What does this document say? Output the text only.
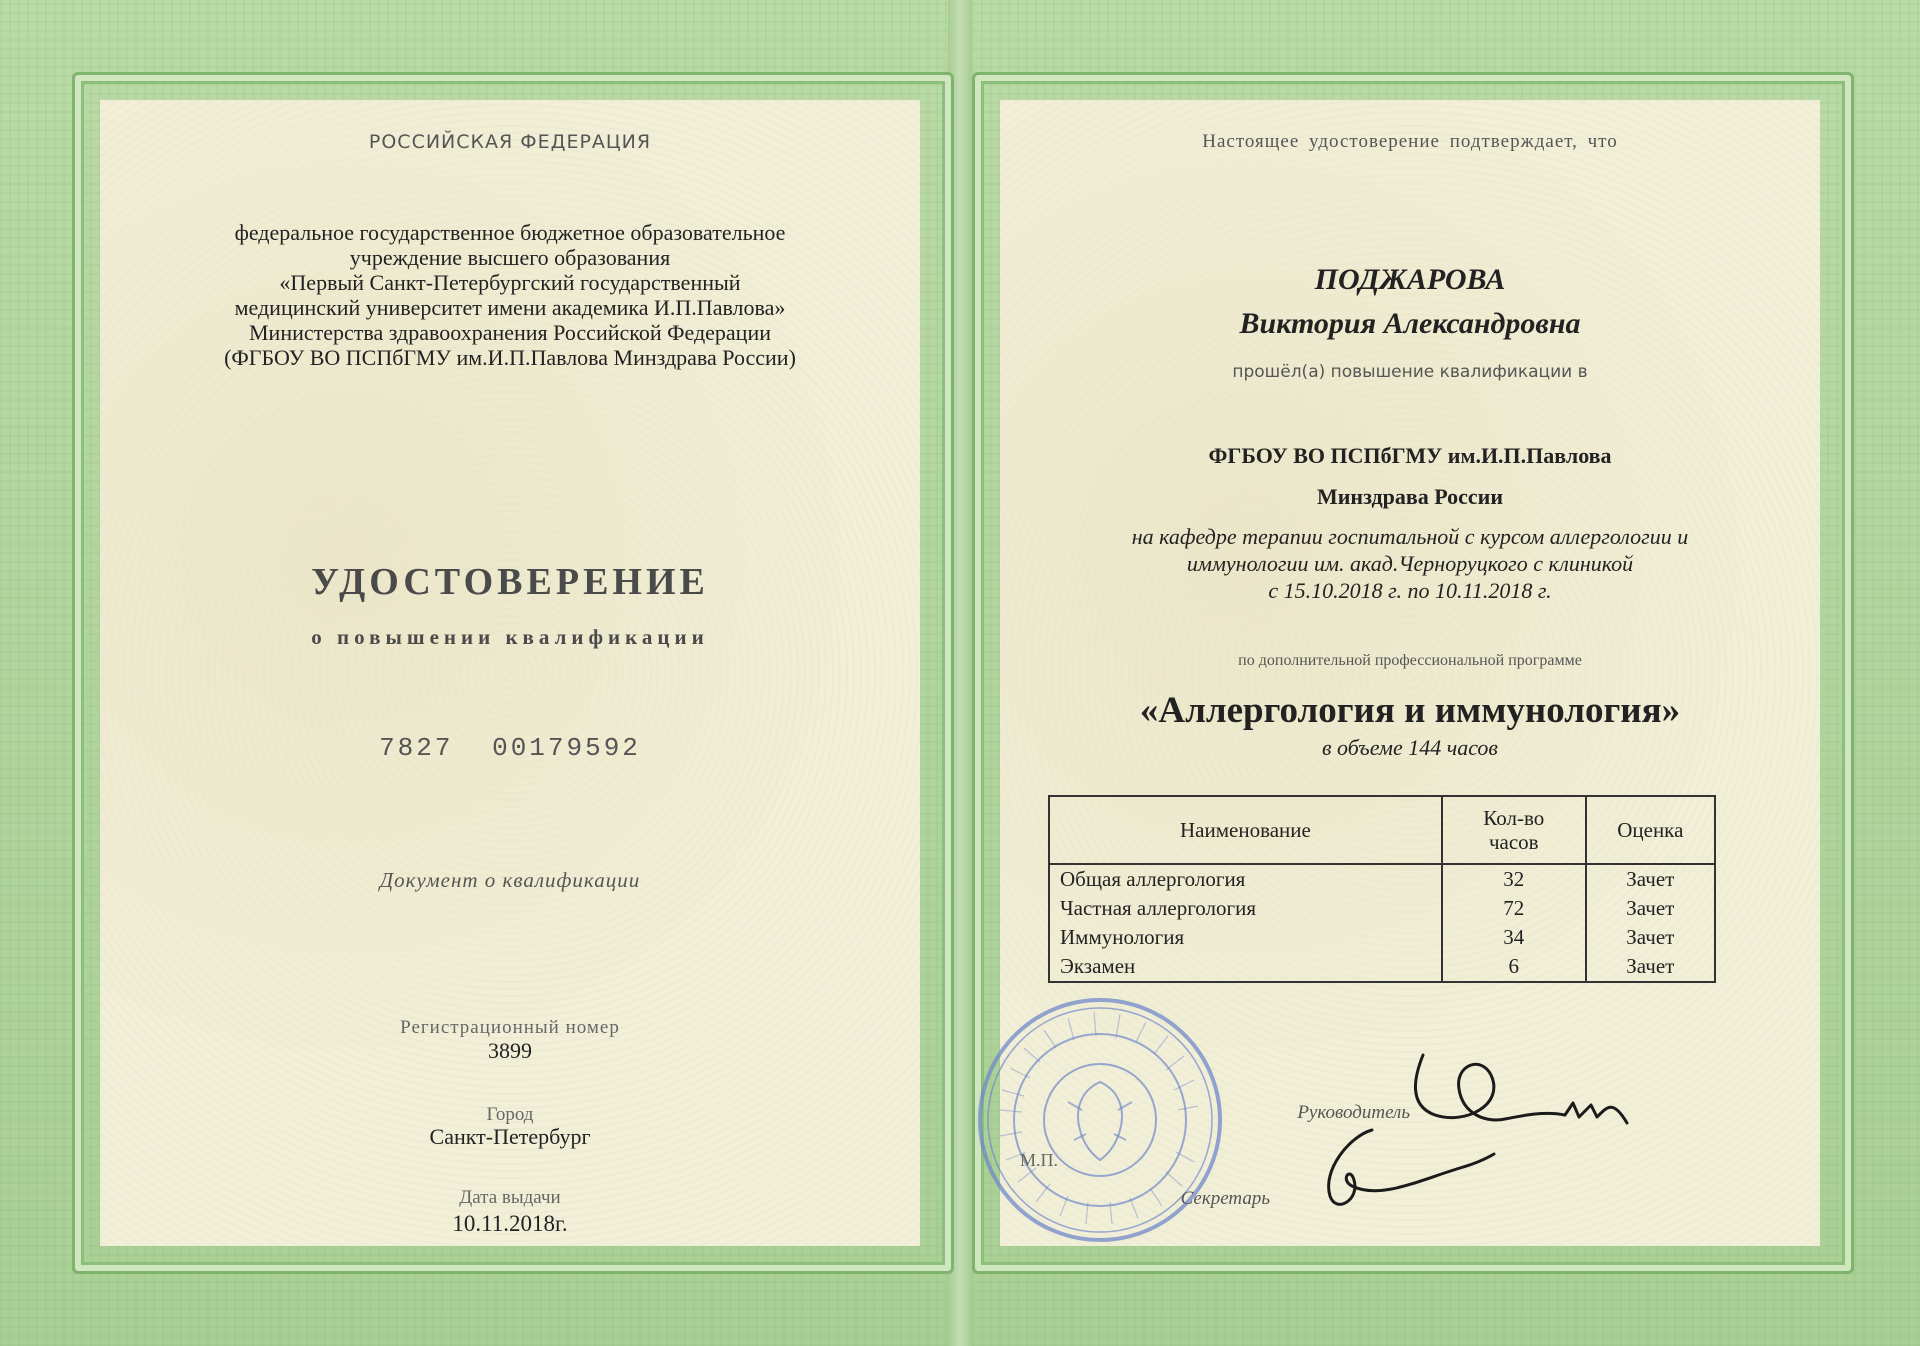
РОССИЙСКАЯ ФЕДЕРАЦИЯ
федеральное государственное бюджетное образовательное
учреждение высшего образования
«Первый Санкт-Петербургский государственный
медицинский университет имени академика И.П.Павлова»
Министерства здравоохранения Российской Федерации
(ФГБОУ ВО ПСПбГМУ им.И.П.Павлова Минздрава России)
УДОСТОВЕРЕНИЕ
о повышении квалификации
7827 00179592
Документ о квалификации
Регистрационный номер
3899
Город
Санкт-Петербург
Дата выдачи
10.11.2018г.
Настоящее удостоверение подтверждает, что
ПОДЖАРОВА
Виктория Александровна
прошёл(а) повышение квалификации в
ФГБОУ ВО ПСПбГМУ им.И.П.Павлова
Минздрава России
на кафедре терапии госпитальной с курсом аллергологии и
иммунологии им. акад.Черноруцкого с клиникой
с 15.10.2018 г. по 10.11.2018 г.
по дополнительной профессиональной программе
«Аллергология и иммунология»
в объеме 144 часов
Наименование	Кол-во часов	Оценка
Общая аллергология	32	Зачет
Частная аллергология	72	Зачет
Иммунология	34	Зачет
Экзамен	6	Зачет
Руководитель
М.П.
Секретарь
